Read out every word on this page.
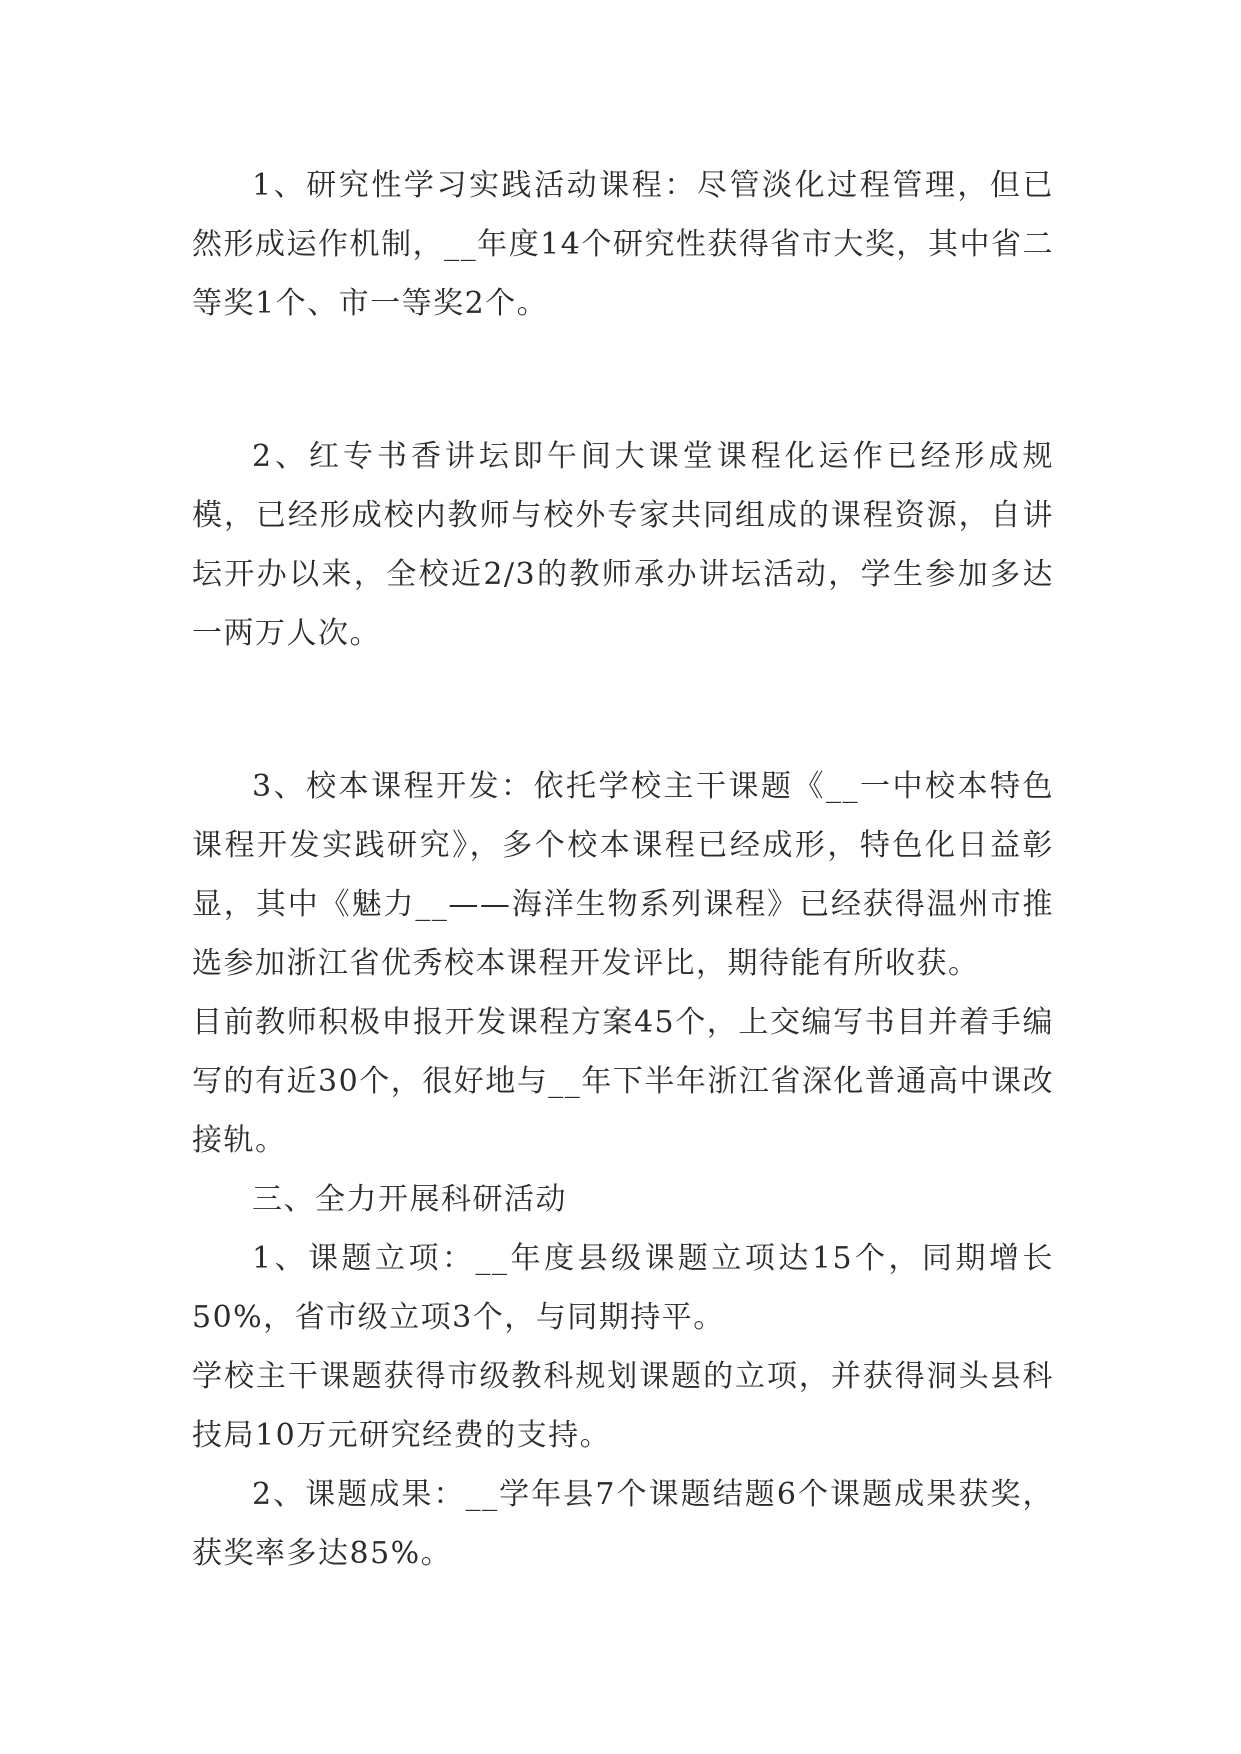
1、研究性学习实践活动课程：尽管淡化过程管理，但已然形成运作机制，__年度14个研究性获得省市大奖，其中省二等奖1个、市一等奖2个。

2、红专书香讲坛即午间大课堂课程化运作已经形成规模，已经形成校内教师与校外专家共同组成的课程资源，自讲坛开办以来，全校近2/3的教师承办讲坛活动，学生参加多达一两万人次。

3、校本课程开发：依托学校主干课题《__一中校本特色课程开发实践研究》，多个校本课程已经成形，特色化日益彰显，其中《魅力__——海洋生物系列课程》已经获得温州市推选参加浙江省优秀校本课程开发评比，期待能有所收获。

目前教师积极申报开发课程方案45个，上交编写书目并着手编写的有近30个，很好地与__年下半年浙江省深化普通高中课改接轨。

三、全力开展科研活动

1、课题立项：__年度县级课题立项达15个，同期增长50%，省市级立项3个，与同期持平。

学校主干课题获得市级教科规划课题的立项，并获得洞头县科技局10万元研究经费的支持。

2、课题成果：__学年县7个课题结题6个课题成果获奖，获奖率多达85%。
